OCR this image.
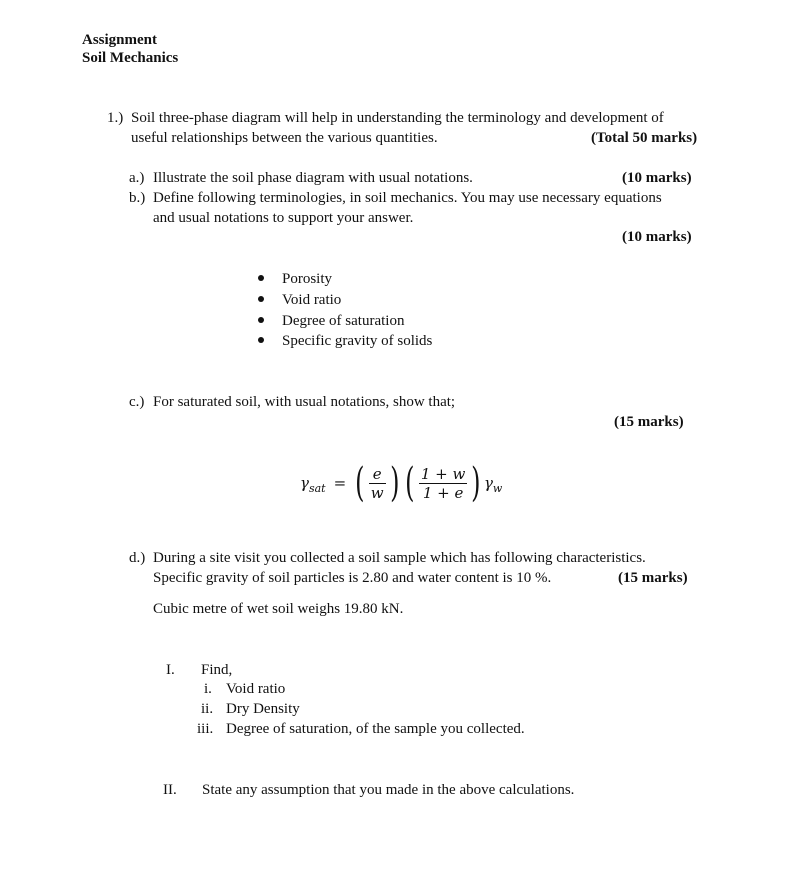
Assignment
Soil Mechanics
1.) Soil three-phase diagram will help in understanding the terminology and development of
useful relationships between the various quantities.	(Total 50 marks)
a.) Illustrate the soil phase diagram with usual notations.	(10 marks)
b.) Define following terminologies, in soil mechanics. You may use necessary equations
and usual notations to support your answer.
(10 marks)
Porosity
Void ratio
Degree of saturation
Specific gravity of solids
c.) For saturated soil, with usual notations, show that;
(15 marks)
γ sat = ( $\frac{e}{w}$ ) ( $\frac{1 + w}{1 + e}$ ) γ w
d.) During a site visit you collected a soil sample which has following characteristics.
Specific gravity of soil particles is 2.80 and water content is 10 %.	(15 marks)
Cubic metre of wet soil weighs 19.80 kN.
I. Find,
i. Void ratio
ii. Dry Density
iii. Degree of saturation, of the sample you collected.
II. State any assumption that you made in the above calculations.
